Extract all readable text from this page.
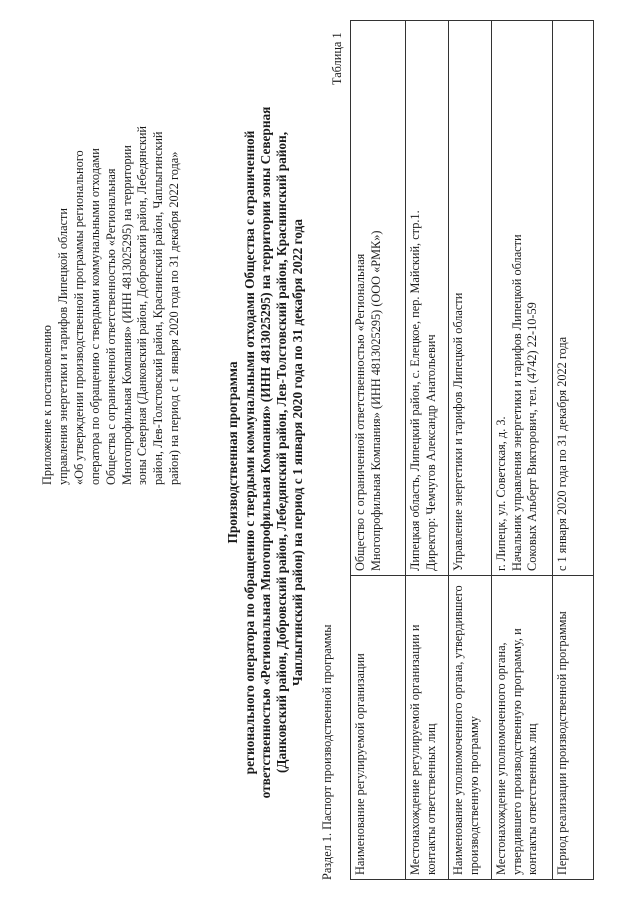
Приложение к постановлению управления энергетики и тарифов Липецкой области «Об утверждении производственной программы регионального оператора по обращению с твердыми коммунальными отходами Общества с ограниченной ответственностью «Региональная Многопрофильная Компания» (ИНН 4813025295) на территории зоны Северная (Данковский район, Добровский район, Лебедянский район, Лев-Толстовский район, Краснинский район, Чаплыгинский район) на период с 1 января 2020 года по 31 декабря 2022 года»	Производственная программа регионального оператора по обращению с твердыми коммунальными отходами Общества с ограниченной ответственностью «Региональная Многопрофильная Компания» (ИНН 4813025295) на территории зоны Северная (Данковский район, Добровский район, Лебедянский район, Лев-Толстовский район, Краснинский район, Чаплыгинский район) на период с 1 января 2020 года по 31 декабря 2022 года
Раздел 1. Паспорт производственной программы
Таблица 1
Наименование регулируемой организации	Общество с ограниченной ответственностью «Региональная Многопрофильная Компания» (ИНН 4813025295) (ООО «РМК»)

Местонахождение регулируемой организации и контакты ответственных лиц	Липецкая область, Липецкий район, с. Елецкое, пер. Майский, стр.1. Директор: Чемчугов Александр Анатольевич

Наименование уполномоченного органа, утвердившего производственную программу	Управление энергетики и тарифов Липецкой области

Местонахождение уполномоченного органа, утвердившего производственную программу, и контакты ответственных лиц	г. Липецк, ул. Советская, д. 3. Начальник управления энергетики и тарифов Липецкой области Соковых Альберт Викторович, тел. (4742) 22-10-59

Период реализации производственной программы	с 1 января 2020 года по 31 декабря 2022 года
